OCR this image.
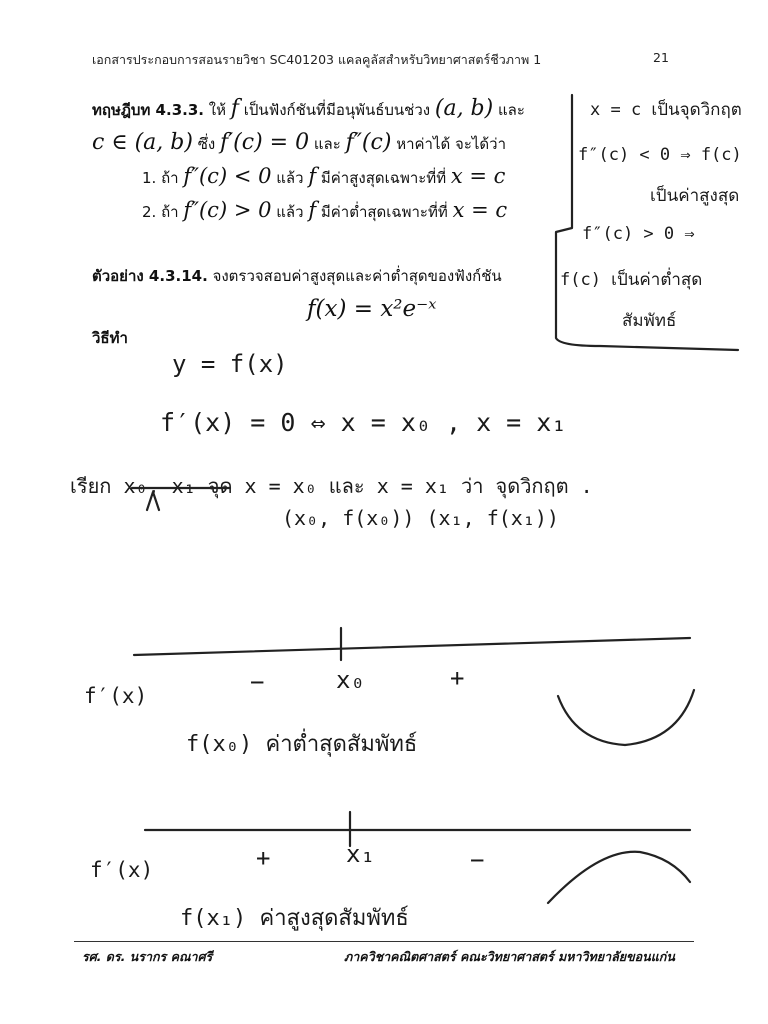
เอกสารประกอบการสอนรายวิชา SC401203 แคลคูลัสสำหรับวิทยาศาสตร์ชีวภาพ 1	21
ทฤษฎีบท 4.3.3. ให้ f เป็นฟังก์ชันที่มีอนุพันธ์บนช่วง (a, b) และ
c ∈ (a, b) ซึ่ง f′(c) = 0 และ f″(c) หาค่าได้ จะได้ว่า
1. ถ้า f″(c) < 0 แล้ว f มีค่าสูงสุดเฉพาะที่ที่ x = c
2. ถ้า f″(c) > 0 แล้ว f มีค่าต่ำสุดเฉพาะที่ที่ x = c
ตัวอย่าง 4.3.14. จงตรวจสอบค่าสูงสุดและค่าต่ำสุดของฟังก์ชัน
f(x) = x²e⁻ˣ
วิธีทำ
x = c เป็นจุดวิกฤต
f″(c) < 0 ⇒ f(c)
เป็นค่าสูงสุด
f″(c) > 0 ⇒
f(c) เป็นค่าต่ำสุด
สัมพัทธ์
y = f(x)
f′(x) = 0 ⇔ x = x₀ , x = x₁
เรียก x₀, x₁ จุด x = x₀ และ x = x₁ ว่า จุดวิกฤต .
(x₀, f(x₀)) (x₁, f(x₁))
f′(x)	−	x₀	+
f(x₀) ค่าต่ำสุดสัมพัทธ์
f′(x)	+	x₁	−
f(x₁) ค่าสูงสุดสัมพัทธ์
รศ. ดร. นรากร คณาศรี	ภาควิชาคณิตศาสตร์ คณะวิทยาศาสตร์ มหาวิทยาลัยขอนแก่น
